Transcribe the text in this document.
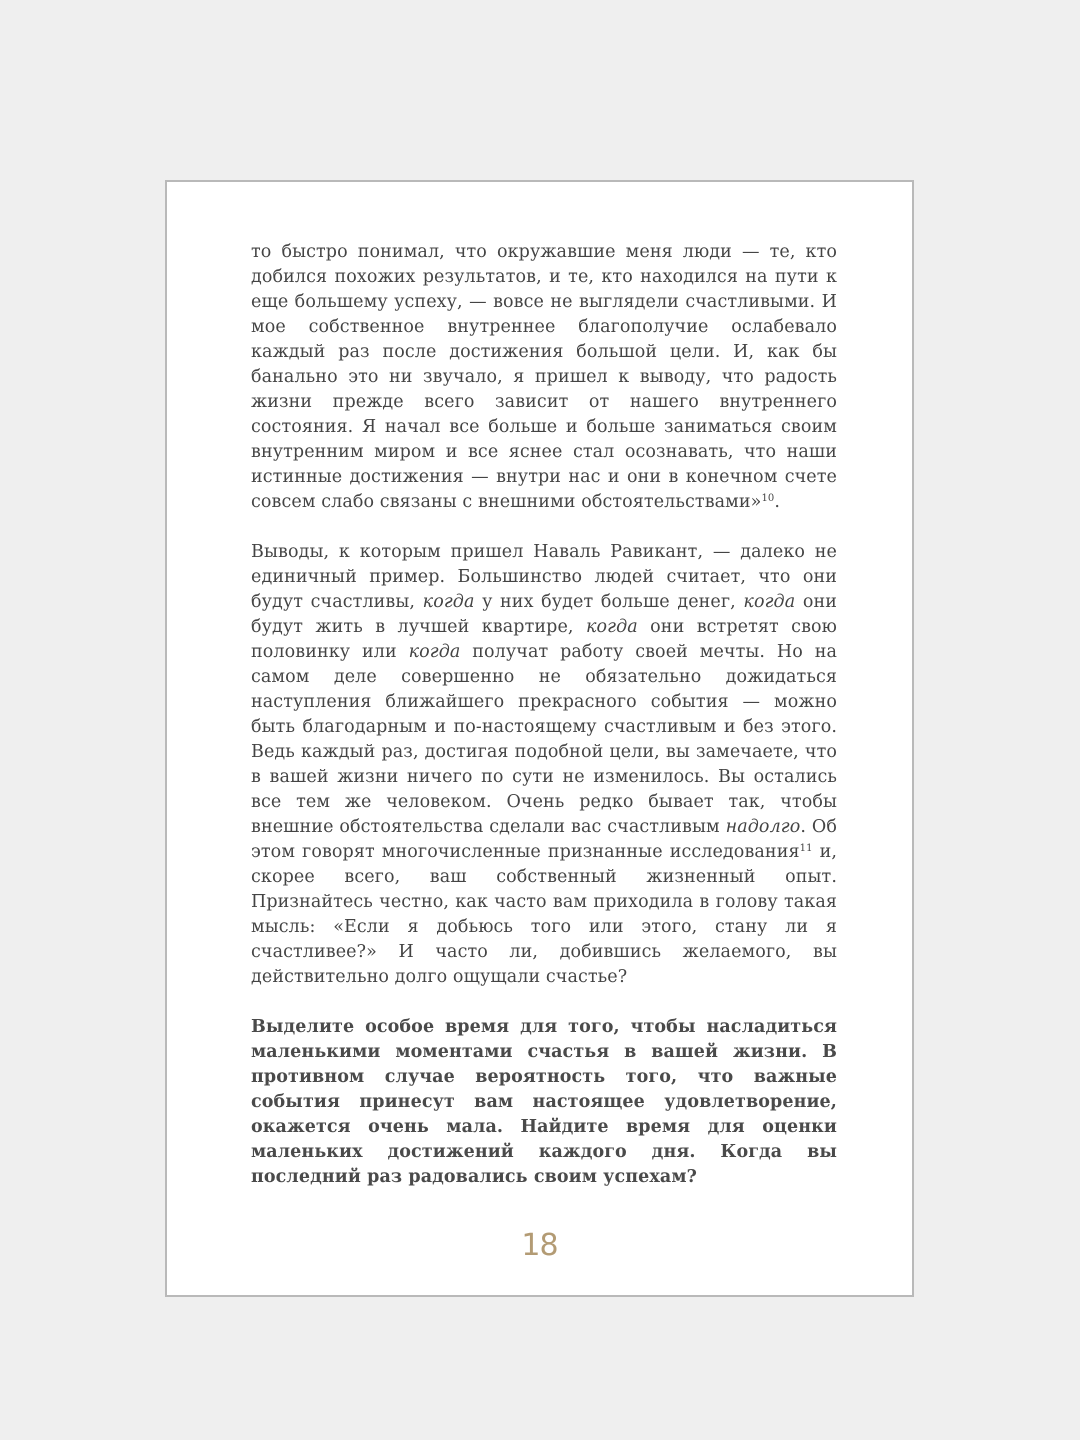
то быстро понимал, что окружавшие меня люди — те, кто добился похожих результатов, и те, кто находился на пути к еще большему успеху, — вовсе не выглядели счастливыми. И мое собственное внутреннее благополучие ослабевало каждый раз после достижения большой цели. И, как бы банально это ни звучало, я пришел к выводу, что радость жизни прежде всего зависит от нашего внутреннего состояния. Я начал все больше и больше заниматься своим внутренним миром и все яснее стал осознавать, что наши истинные достижения — внутри нас и они в конечном счете совсем слабо связаны с внешними обстоятельствами»$^{10}$.

Выводы, к которым пришел Наваль Равикант, — далеко не единичный пример. Большинство людей считает, что они будут счастливы, когда у них будет больше денег, когда они будут жить в лучшей квартире, когда они встретят свою половинку или когда получат работу своей мечты. Но на самом деле совершенно не обязательно дожидаться наступления ближайшего прекрасного события — можно быть благодарным и по-настоящему счастливым и без этого. Ведь каждый раз, достигая подобной цели, вы замечаете, что в вашей жизни ничего по сути не изменилось. Вы остались все тем же человеком. Очень редко бывает так, чтобы внешние обстоятельства сделали вас счастливым надолго. Об этом говорят многочисленные признанные исследования$^{11}$ и, скорее всего, ваш собственный жизненный опыт. Признайтесь честно, как часто вам приходила в голову такая мысль: «Если я добьюсь того или этого, стану ли я счастливее?» И часто ли, добившись желаемого, вы действительно долго ощущали счастье?

Выделите особое время для того, чтобы насладиться маленькими моментами счастья в вашей жизни. В противном случае вероятность того, что важные события принесут вам настоящее удовлетворение, окажется очень мала. Найдите время для оценки маленьких достижений каждого дня. Когда вы последний раз радовались своим успехам?

18
